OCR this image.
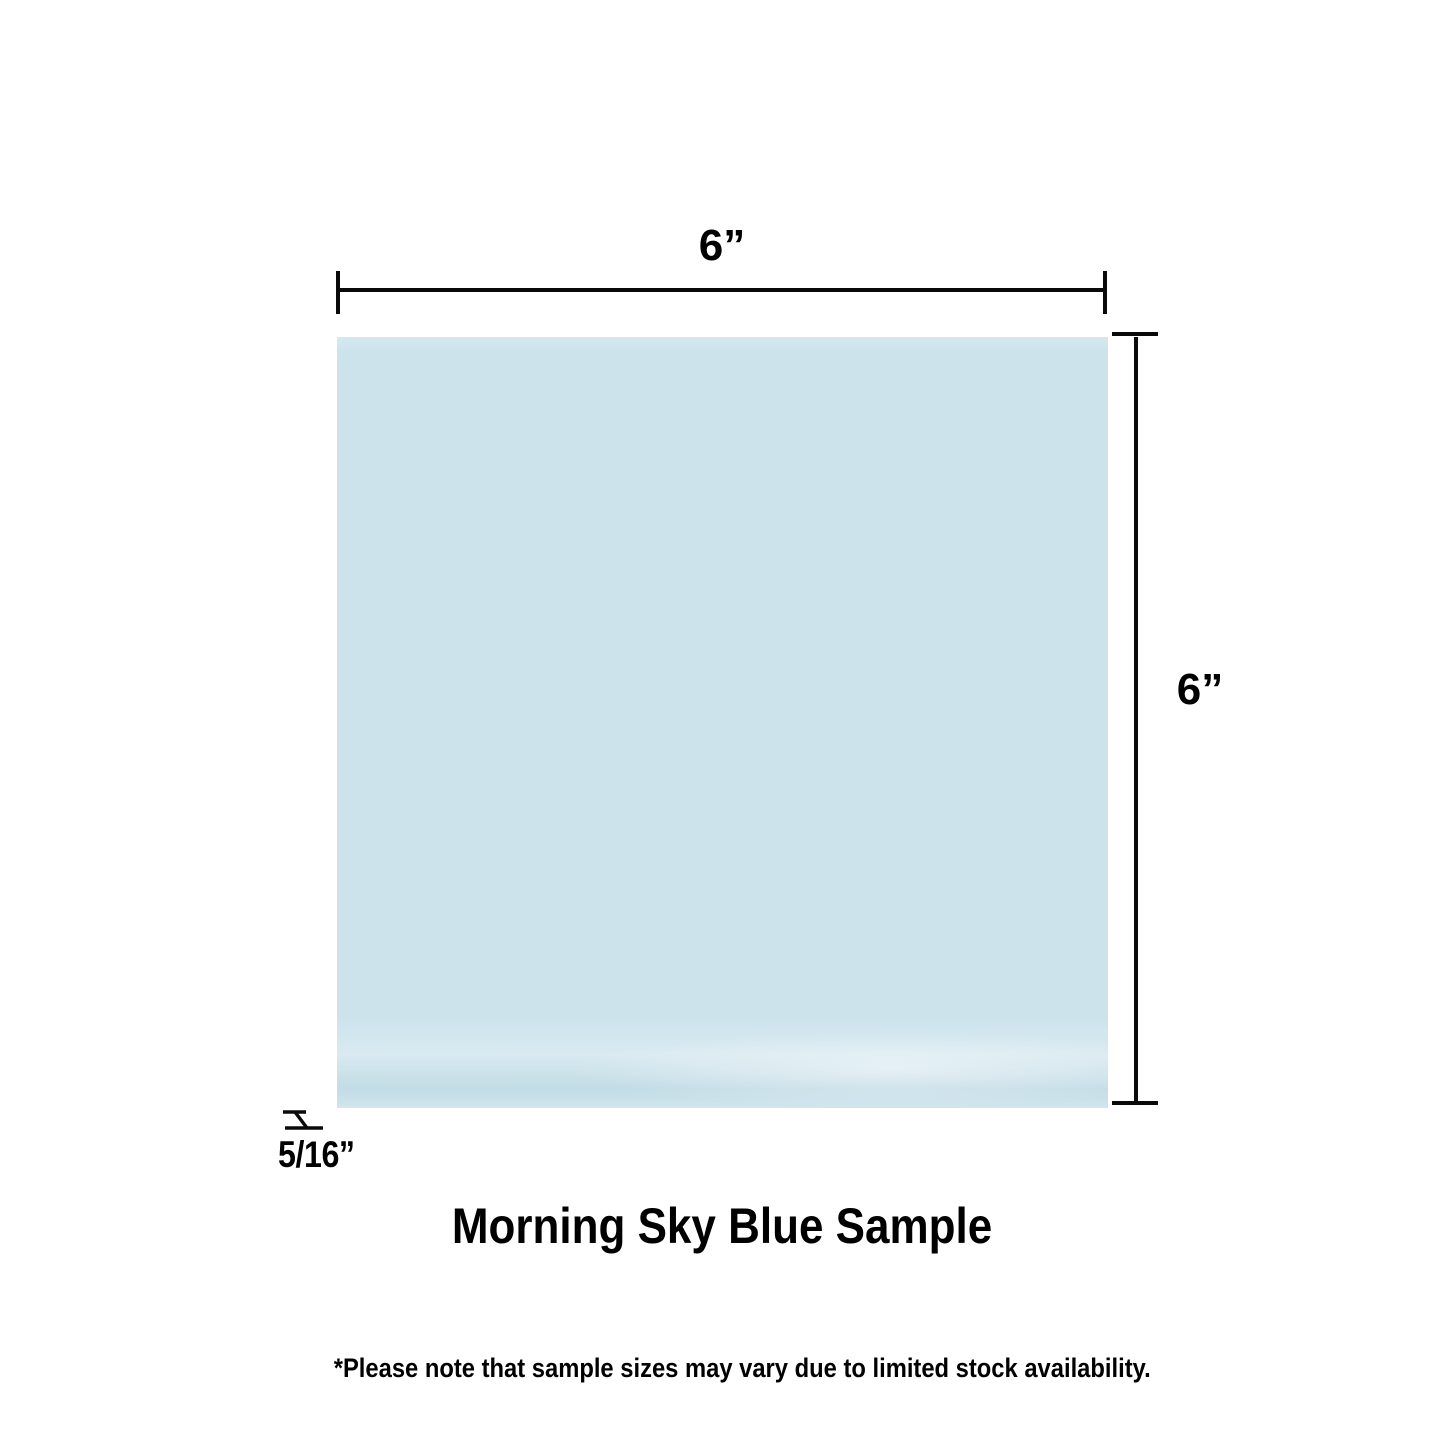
6”
6”
5/16”
Morning Sky Blue Sample
*Please note that sample sizes may vary due to limited stock availability.
